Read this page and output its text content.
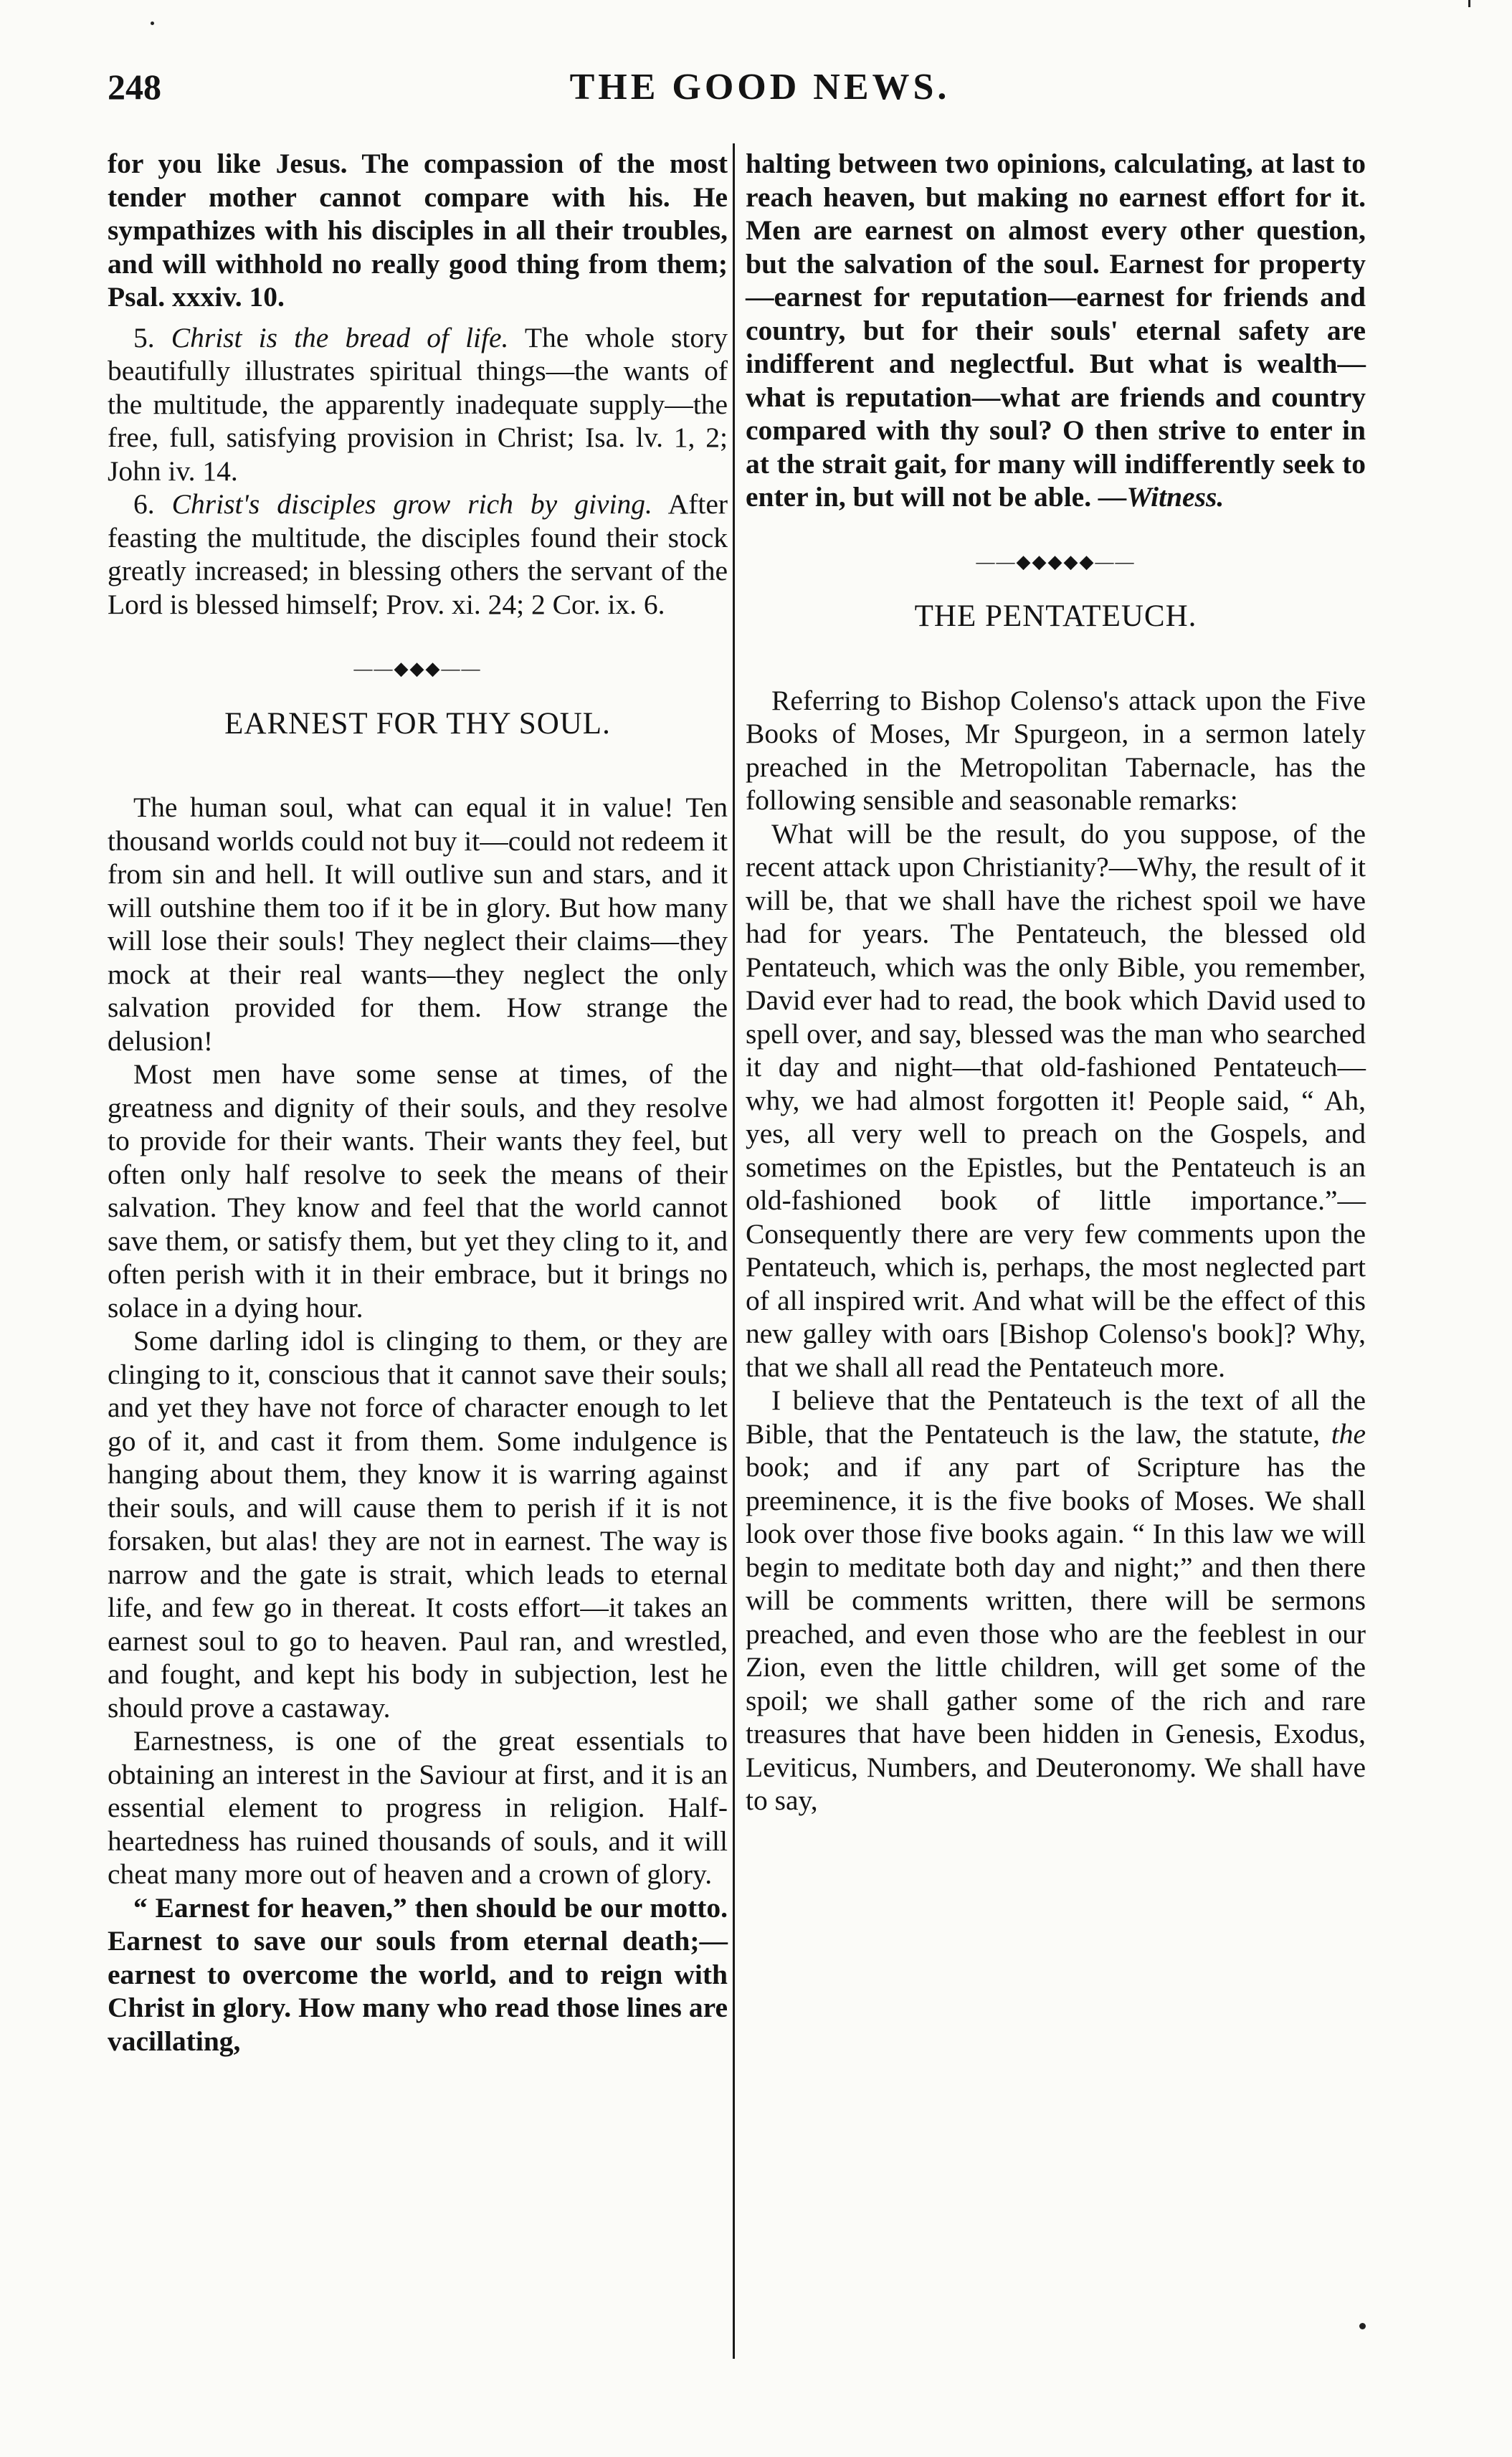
248	THE GOOD NEWS.

for you like Jesus. The compassion of the most tender mother cannot compare with his. He sympathizes with his disciples in all their troubles, and will withhold no really good thing from them; Psal. xxxiv. 10.

5. Christ is the bread of life. The whole story beautifully illustrates spiritual things—the wants of the multitude, the apparently inadequate supply—the free, full, satisfying provision in Christ; Isa. lv. 1, 2; John iv. 14.

6. Christ's disciples grow rich by giving. After feasting the multitude, the disciples found their stock greatly increased; in blessing others the servant of the Lord is blessed himself; Prov. xi. 24; 2 Cor. ix. 6.

——◆◆◆——
EARNEST FOR THY SOUL.

The human soul, what can equal it in value! Ten thousand worlds could not buy it—could not redeem it from sin and hell. It will outlive sun and stars, and it will outshine them too if it be in glory. But how many will lose their souls! They neglect their claims—they mock at their real wants—they neglect the only salvation provided for them. How strange the delusion!

Most men have some sense at times, of the greatness and dignity of their souls, and they resolve to provide for their wants. Their wants they feel, but often only half resolve to seek the means of their salvation. They know and feel that the world cannot save them, or satisfy them, but yet they cling to it, and often perish with it in their embrace, but it brings no solace in a dying hour.

Some darling idol is clinging to them, or they are clinging to it, conscious that it cannot save their souls; and yet they have not force of character enough to let go of it, and cast it from them. Some indulgence is hanging about them, they know it is warring against their souls, and will cause them to perish if it is not forsaken, but alas! they are not in earnest. The way is narrow and the gate is strait, which leads to eternal life, and few go in thereat. It costs effort—it takes an earnest soul to go to heaven. Paul ran, and wrestled, and fought, and kept his body in subjection, lest he should prove a castaway.

Earnestness, is one of the great essentials to obtaining an interest in the Saviour at first, and it is an essential element to progress in religion. Half-heartedness has ruined thousands of souls, and it will cheat many more out of heaven and a crown of glory.

“ Earnest for heaven,” then should be our motto. Earnest to save our souls from eternal death;—earnest to overcome the world, and to reign with Christ in glory. How many who read those lines are vacillating,

halting between two opinions, calculating, at last to reach heaven, but making no earnest effort for it. Men are earnest on almost every other question, but the salvation of the soul. Earnest for property—earnest for reputation—earnest for friends and country, but for their souls' eternal safety are indifferent and neglectful. But what is wealth—what is reputation—what are friends and country compared with thy soul? O then strive to enter in at the strait gait, for many will indifferently seek to enter in, but will not be able. —Witness.

——◆◆◆◆◆——
THE PENTATEUCH.

Referring to Bishop Colenso's attack upon the Five Books of Moses, Mr Spurgeon, in a sermon lately preached in the Metropolitan Tabernacle, has the following sensible and seasonable remarks:

What will be the result, do you suppose, of the recent attack upon Christianity?—Why, the result of it will be, that we shall have the richest spoil we have had for years. The Pentateuch, the blessed old Pentateuch, which was the only Bible, you remember, David ever had to read, the book which David used to spell over, and say, blessed was the man who searched it day and night—that old-fashioned Pentateuch—why, we had almost forgotten it! People said, “ Ah, yes, all very well to preach on the Gospels, and sometimes on the Epistles, but the Pentateuch is an old-fashioned book of little importance.”—Consequently there are very few comments upon the Pentateuch, which is, perhaps, the most neglected part of all inspired writ. And what will be the effect of this new galley with oars [Bishop Colenso's book]? Why, that we shall all read the Pentateuch more.

I believe that the Pentateuch is the text of all the Bible, that the Pentateuch is the law, the statute, the book; and if any part of Scripture has the preeminence, it is the five books of Moses. We shall look over those five books again. “ In this law we will begin to meditate both day and night;” and then there will be comments written, there will be sermons preached, and even those who are the feeblest in our Zion, even the little children, will get some of the spoil; we shall gather some of the rich and rare treasures that have been hidden in Genesis, Exodus, Leviticus, Numbers, and Deuteronomy. We shall have to say,
